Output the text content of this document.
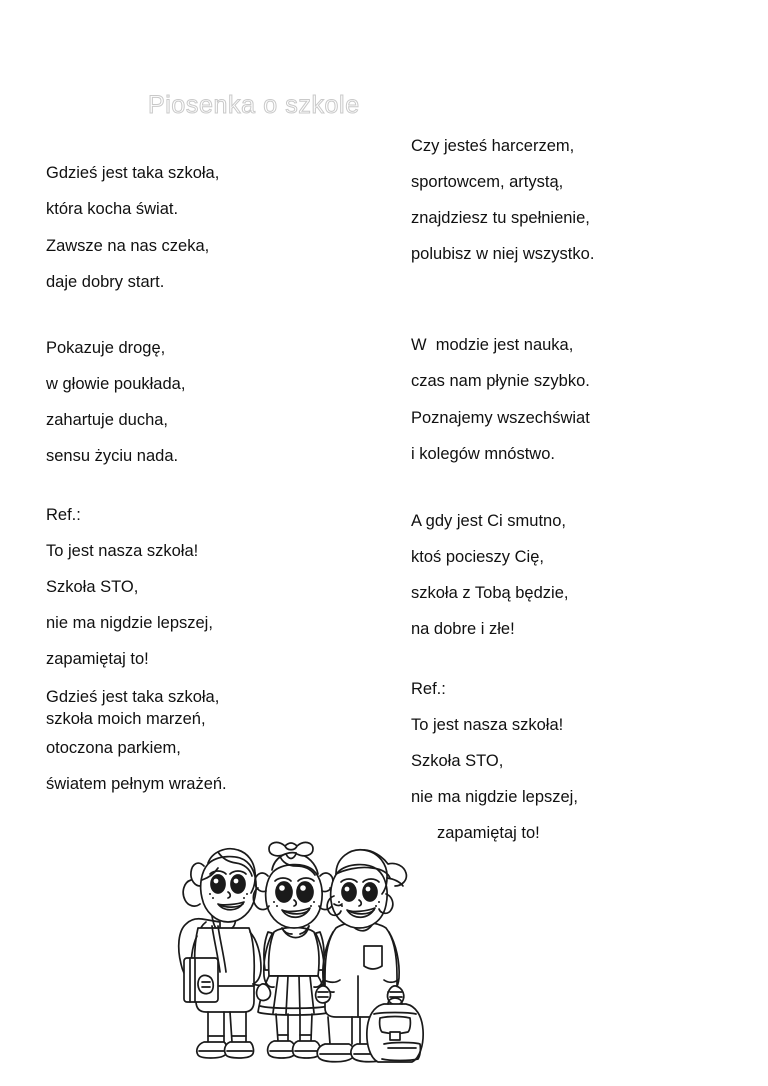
Piosenka o szkole
Gdzieś jest taka szkoła,
która kocha świat.
Zawsze na nas czeka,
daje dobry start.
Pokazuje drogę,
w głowie poukłada,
zahartuje ducha,
sensu życiu nada.
Ref.:
To jest nasza szkoła!
Szkoła STO,
nie ma nigdzie lepszej,
zapamiętaj to!
Gdzieś jest taka szkoła,
szkoła moich marzeń,
otoczona parkiem,
światem pełnym wrażeń.
Czy jesteś harcerzem,
sportowcem, artystą,
znajdziesz tu spełnienie,
polubisz w niej wszystko.
W  modzie jest nauka,
czas nam płynie szybko.
Poznajemy wszechświat
i kolegów mnóstwo.
A gdy jest Ci smutno,
ktoś pocieszy Cię,
szkoła z Tobą będzie,
na dobre i złe!
Ref.:
To jest nasza szkoła!
Szkoła STO,
nie ma nigdzie lepszej,
zapamiętaj to!
